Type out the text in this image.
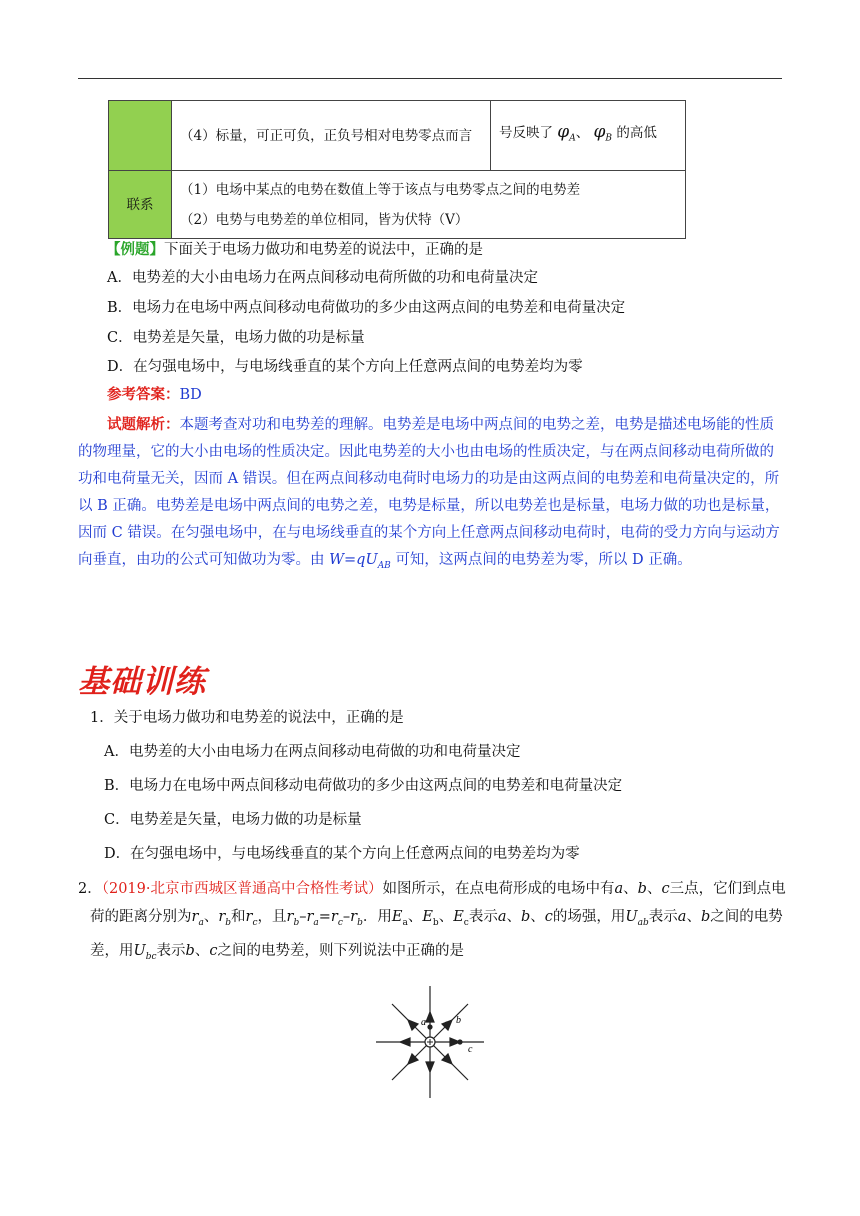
	（4）标量，可正可负，正负号相对电势零点而言	号反映了 $\varphi_A$、 $\varphi_B$ 的高低
联系	（1）电场中某点的电势在数值上等于该点与电势零点之间的电势差
（2）电势与电势差的单位相同，皆为伏特（V）	
【例题】下面关于电场力做功和电势差的说法中，正确的是
A．电势差的大小由电场力在两点间移动电荷所做的功和电荷量决定
B．电场力在电场中两点间移动电荷做功的多少由这两点间的电势差和电荷量决定
C．电势差是矢量，电场力做的功是标量
D．在匀强电场中，与电场线垂直的某个方向上任意两点间的电势差均为零
参考答案：BD
试题解析：本题考查对功和电势差的理解。电势差是电场中两点间的电势之差，电势是描述电场能的性质的物理量，它的大小由电场的性质决定。因此电势差的大小也由电场的性质决定，与在两点间移动电荷所做的功和电荷量无关，因而 A 错误。但在两点间移动电荷时电场力的功是由这两点间的电势差和电荷量决定的，所以 B 正确。电势差是电场中两点间的电势之差，电势是标量，所以电势差也是标量，电场力做的功也是标量，因而 C 错误。在匀强电场中，在与电场线垂直的某个方向上任意两点间移动电荷时，电荷的受力方向与运动方向垂直，由功的公式可知做功为零。由 $W=qU_{AB}$ 可知，这两点间的电势差为零，所以 D 正确。
基础训练
1．关于电场力做功和电势差的说法中，正确的是
A．电势差的大小由电场力在两点间移动电荷做的功和电荷量决定
B．电场力在电场中两点间移动电荷做功的多少由这两点间的电势差和电荷量决定
C．电势差是矢量，电场力做的功是标量
D．在匀强电场中，与电场线垂直的某个方向上任意两点间的电势差均为零
2．（2019·北京市西城区普通高中合格性考试）如图所示，在点电荷形成的电场中有a、b、c三点，它们到点电荷的距离分别为$r_a$、$r_b$和$r_c$，且$r_b-r_a=r_c-r_b$．用$E_a$、$E_b$、$E_c$表示a、b、c的场强，用$U_{ab}$表示a、b之间的电势差，用$U_{bc}$表示b、c之间的电势差，则下列说法中正确的是
a	b
c
